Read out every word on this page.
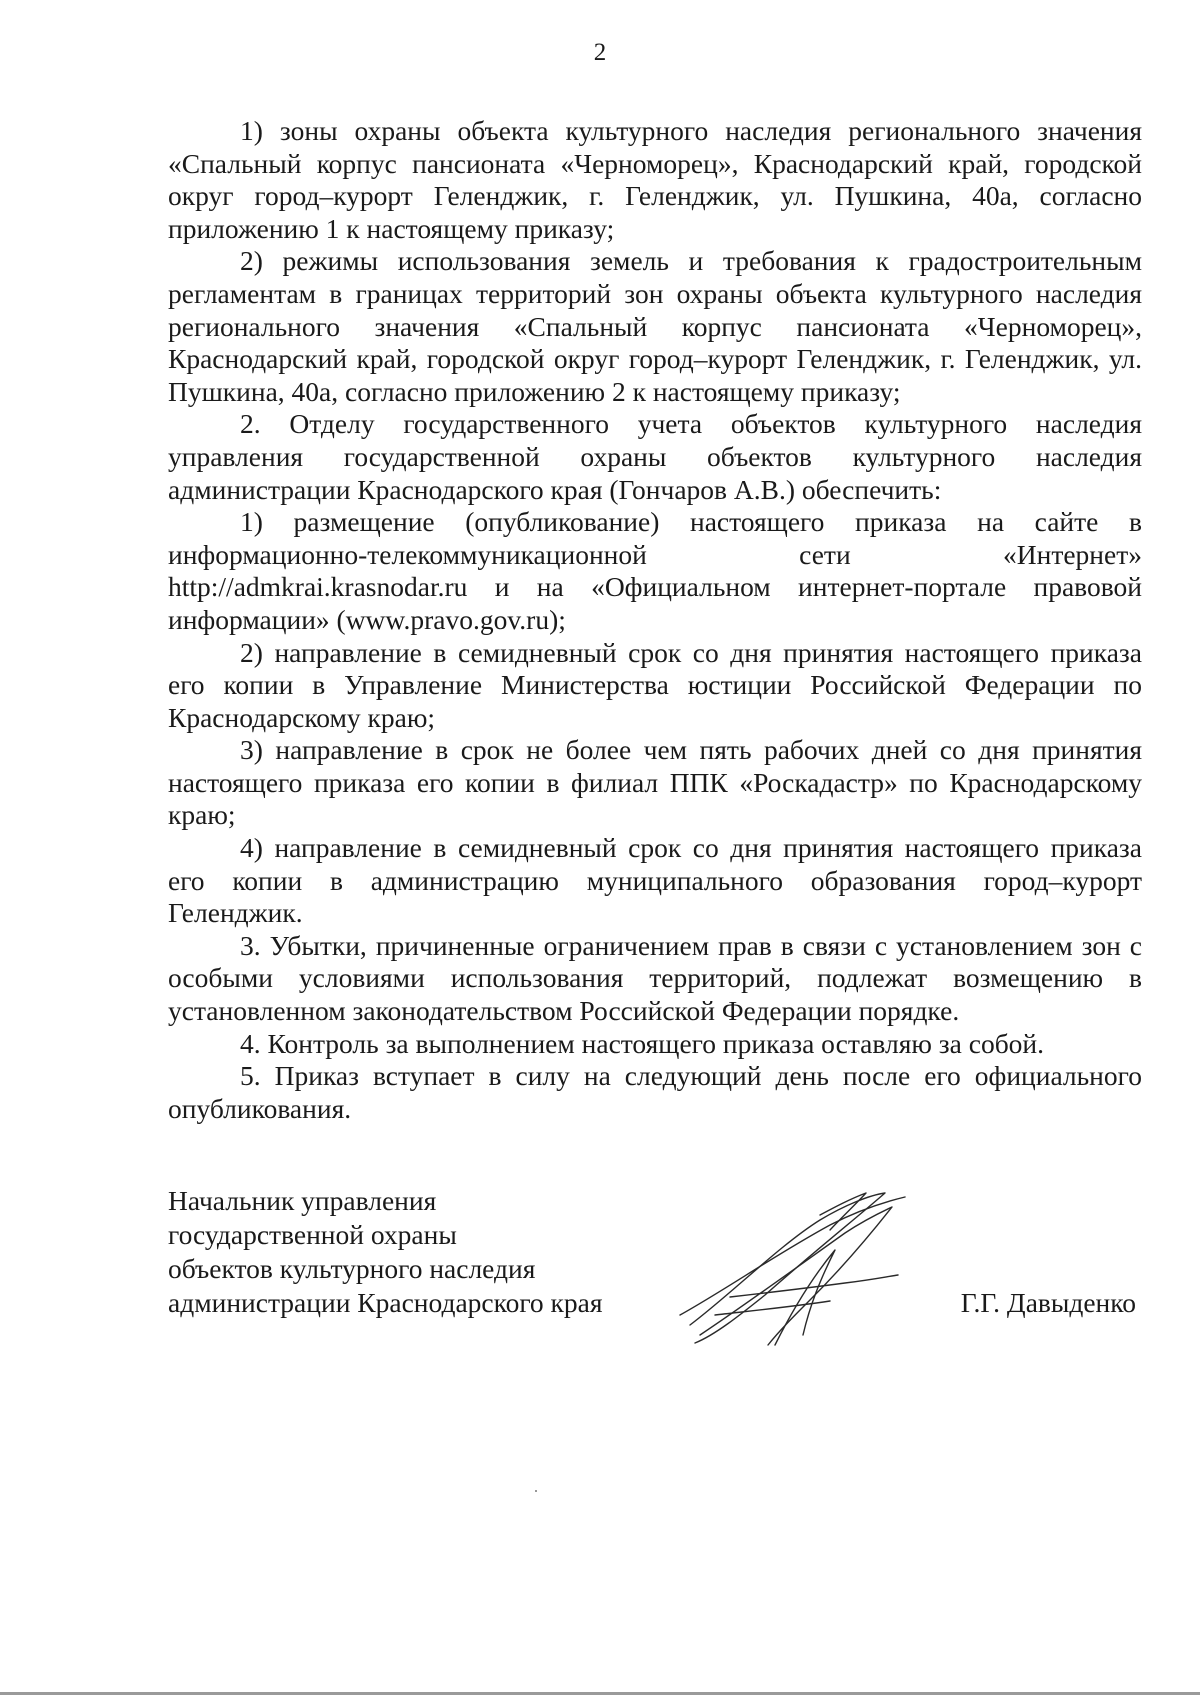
2

1) зоны охраны объекта культурного наследия регионального значения «Спальный корпус пансионата «Черноморец», Краснодарский край, городской округ город–курорт Геленджик, г. Геленджик, ул. Пушкина, 40а, согласно приложению 1 к настоящему приказу;

2) режимы использования земель и требования к градостроительным регламентам в границах территорий зон охраны объекта культурного наследия регионального значения «Спальный корпус пансионата «Черноморец», Краснодарский край, городской округ город–курорт Геленджик, г. Геленджик, ул. Пушкина, 40а, согласно приложению 2 к настоящему приказу;

2. Отделу государственного учета объектов культурного наследия управления государственной охраны объектов культурного наследия администрации Краснодарского края (Гончаров А.В.) обеспечить:

1) размещение (опубликование) настоящего приказа на сайте в информационно-телекоммуникационной сети «Интернет» http://admkrai.krasnodar.ru и на «Официальном интернет-портале правовой информации» (www.pravo.gov.ru);

2) направление в семидневный срок со дня принятия настоящего приказа его копии в Управление Министерства юстиции Российской Федерации по Краснодарскому краю;

3) направление в срок не более чем пять рабочих дней со дня принятия настоящего приказа его копии в филиал ППК «Роскадастр» по Краснодарскому краю;

4) направление в семидневный срок со дня принятия настоящего приказа его копии в администрацию муниципального образования город–курорт Геленджик.

3. Убытки, причиненные ограничением прав в связи с установлением зон с особыми условиями использования территорий, подлежат возмещению в установленном законодательством Российской Федерации порядке.

4. Контроль за выполнением настоящего приказа оставляю за собой.

5. Приказ вступает в силу на следующий день после его официального опубликования.

Начальник управления
государственной охраны
объектов культурного наследия
администрации Краснодарского края	Г.Г. Давыденко
